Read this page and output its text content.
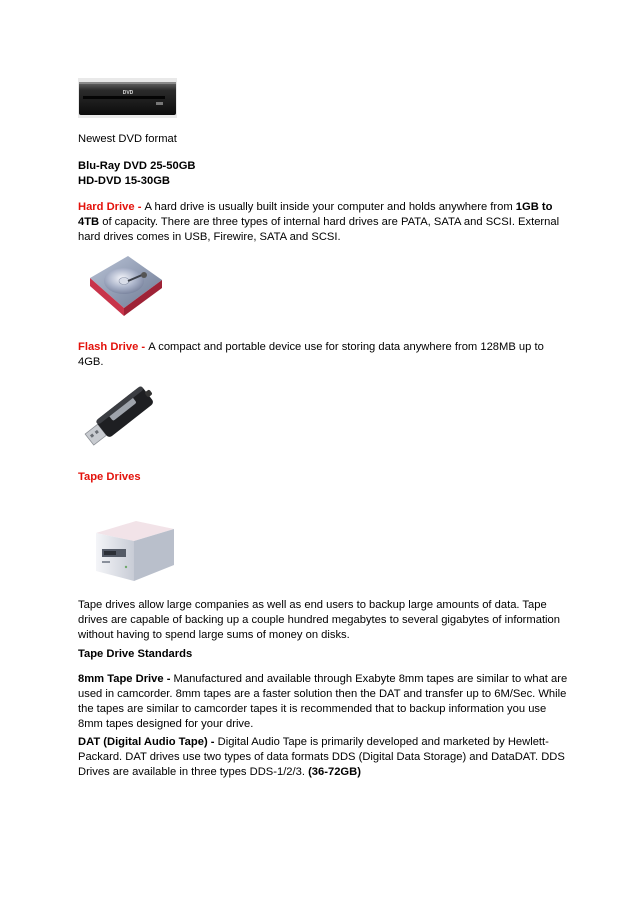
DVD
Newest DVD format
Blu-Ray DVD 25-50GB
HD-DVD 15-30GB
Hard Drive - A hard drive is usually built inside your computer and holds anywhere from 1GB to 4TB of capacity. There are three types of internal hard drives are PATA, SATA and SCSI. External hard drives comes in USB, Firewire, SATA and SCSI.
Flash Drive - A compact and portable device use for storing data anywhere from 128MB up to 4GB.
Tape Drives
Tape drives allow large companies as well as end users to backup large amounts of data. Tape drives are capable of backing up a couple hundred megabytes to several gigabytes of information without having to spend large sums of money on disks.
Tape Drive Standards
8mm Tape Drive - Manufactured and available through Exabyte 8mm tapes are similar to what are used in camcorder. 8mm tapes are a faster solution then the DAT and transfer up to 6M/Sec. While the tapes are similar to camcorder tapes it is recommended that to backup information you use 8mm tapes designed for your drive.
DAT (Digital Audio Tape) - Digital Audio Tape is primarily developed and marketed by Hewlett-Packard. DAT drives use two types of data formats DDS (Digital Data Storage) and DataDAT. DDS Drives are available in three types DDS-1/2/3. (36-72GB)
